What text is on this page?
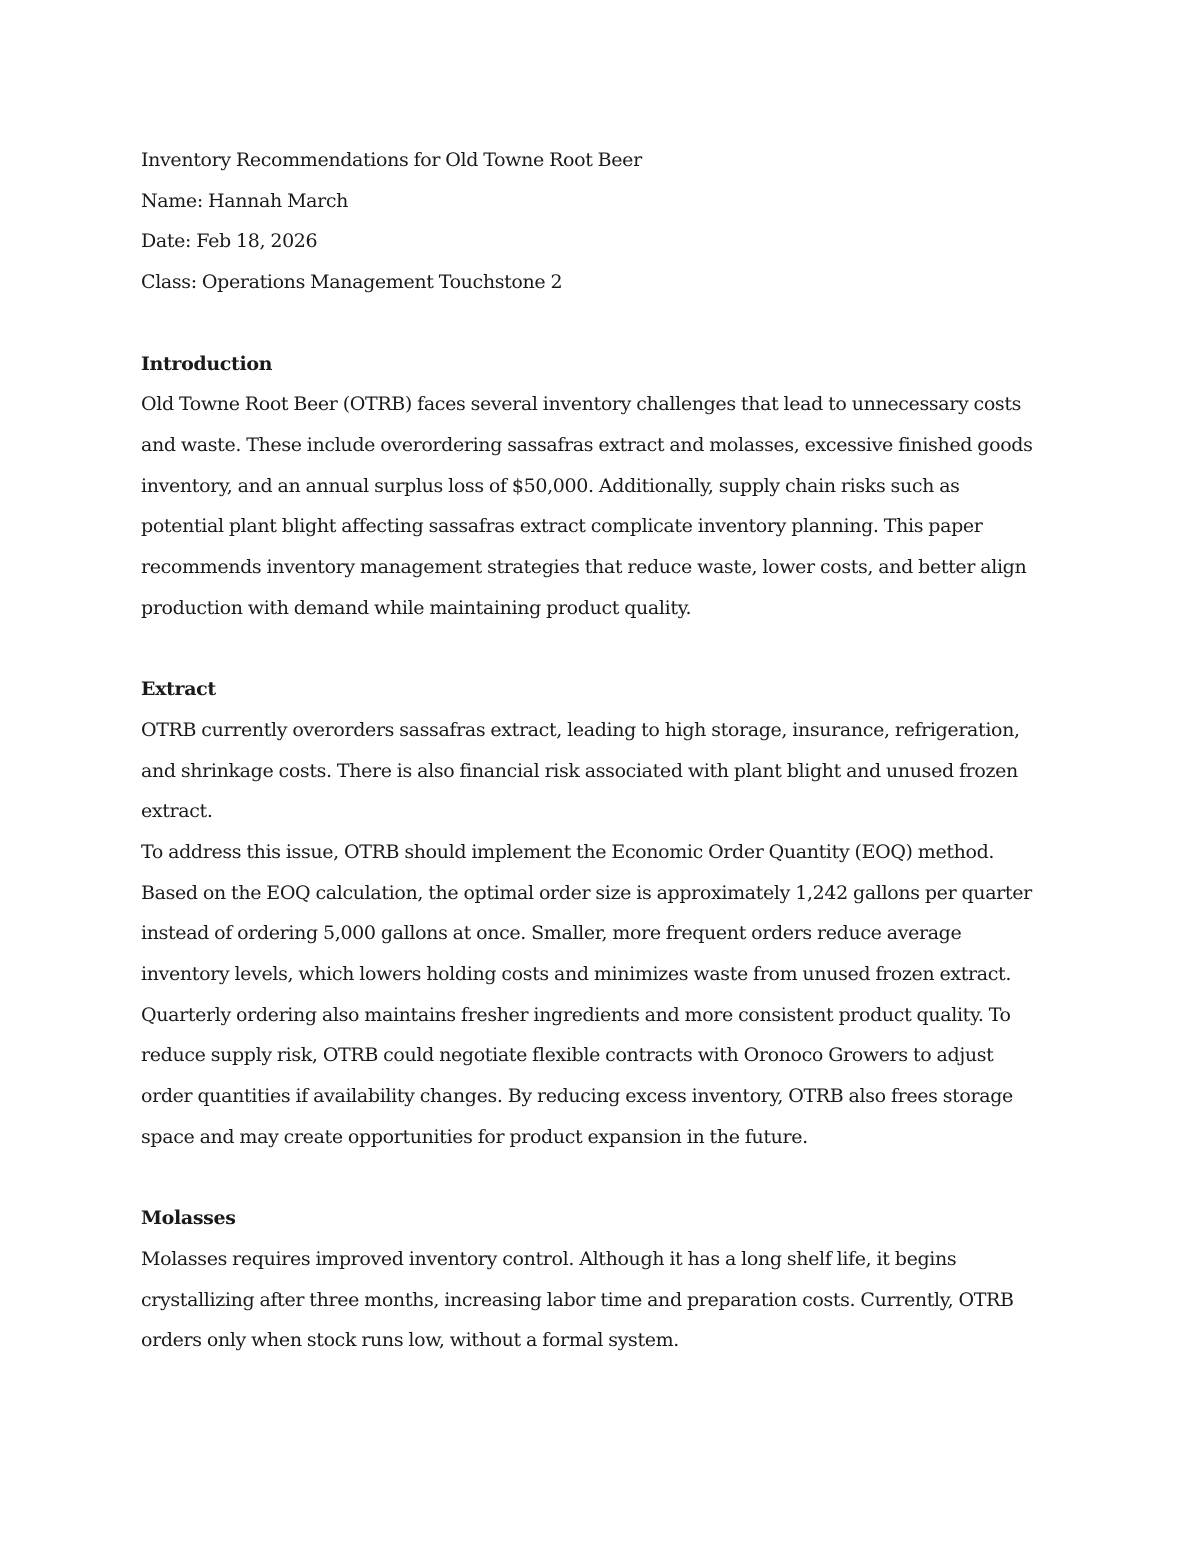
Inventory Recommendations for Old Towne Root Beer

Name: Hannah March

Date: Feb 18, 2026

Class: Operations Management Touchstone 2

Introduction

Old Towne Root Beer (OTRB) faces several inventory challenges that lead to unnecessary costs

and waste. These include overordering sassafras extract and molasses, excessive finished goods

inventory, and an annual surplus loss of $50,000. Additionally, supply chain risks such as

potential plant blight affecting sassafras extract complicate inventory planning. This paper

recommends inventory management strategies that reduce waste, lower costs, and better align

production with demand while maintaining product quality.

Extract

OTRB currently overorders sassafras extract, leading to high storage, insurance, refrigeration,

and shrinkage costs. There is also financial risk associated with plant blight and unused frozen

extract.

To address this issue, OTRB should implement the Economic Order Quantity (EOQ) method.

Based on the EOQ calculation, the optimal order size is approximately 1,242 gallons per quarter

instead of ordering 5,000 gallons at once. Smaller, more frequent orders reduce average

inventory levels, which lowers holding costs and minimizes waste from unused frozen extract.

Quarterly ordering also maintains fresher ingredients and more consistent product quality. To

reduce supply risk, OTRB could negotiate flexible contracts with Oronoco Growers to adjust

order quantities if availability changes. By reducing excess inventory, OTRB also frees storage

space and may create opportunities for product expansion in the future.

Molasses

Molasses requires improved inventory control. Although it has a long shelf life, it begins

crystallizing after three months, increasing labor time and preparation costs. Currently, OTRB

orders only when stock runs low, without a formal system.
